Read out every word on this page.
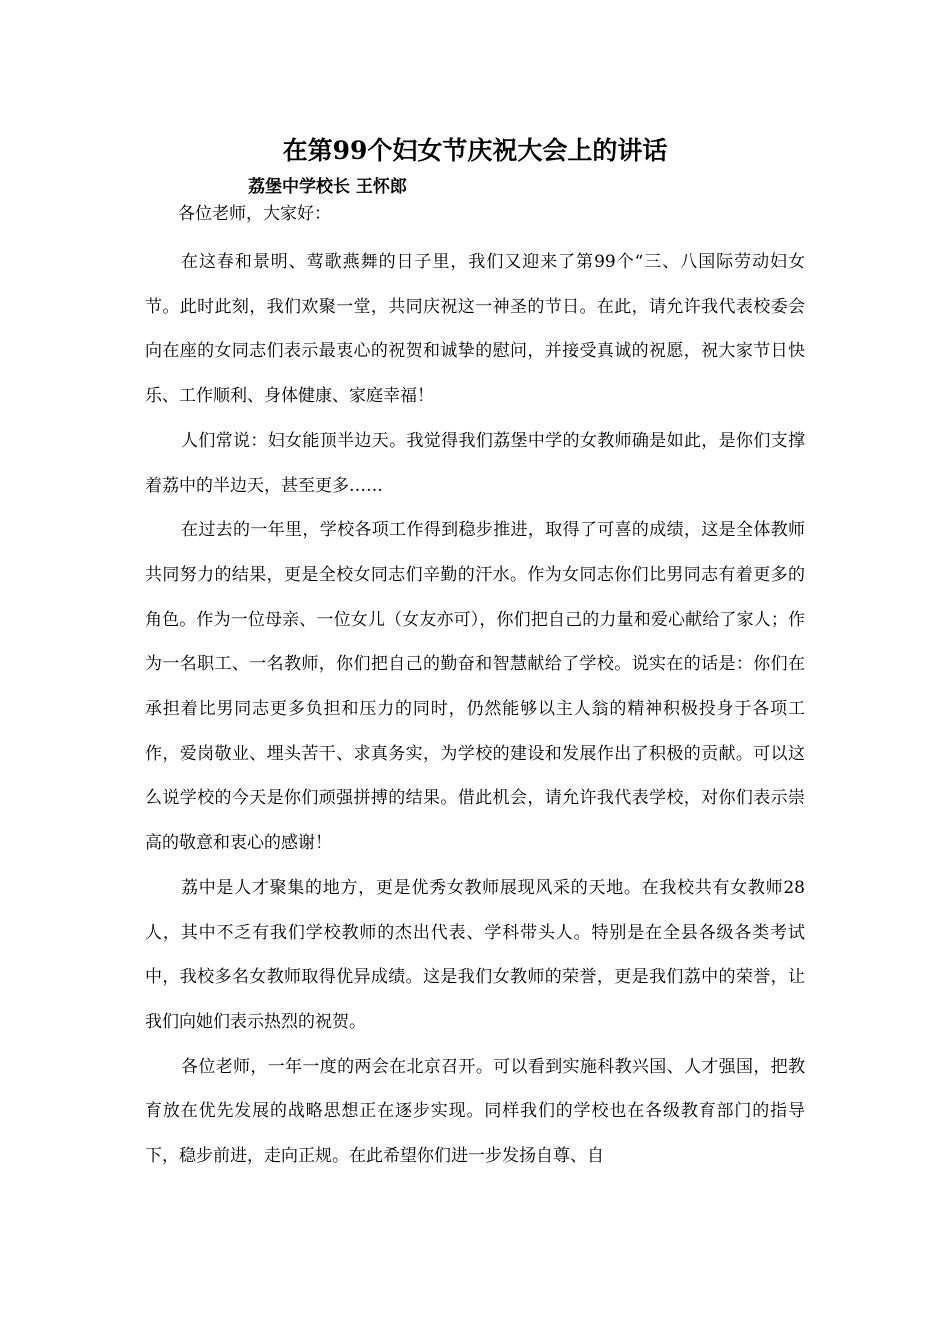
在第99个妇女节庆祝大会上的讲话
荔堡中学校长 王怀郎
各位老师，大家好：

在这春和景明、莺歌燕舞的日子里，我们又迎来了第99个“三、八国际劳动妇女节。此时此刻，我们欢聚一堂，共同庆祝这一神圣的节日。在此，请允许我代表校委会向在座的女同志们表示最衷心的祝贺和诚挚的慰问，并接受真诚的祝愿，祝大家节日快乐、工作顺利、身体健康、家庭幸福！

人们常说：妇女能顶半边天。我觉得我们荔堡中学的女教师确是如此，是你们支撑着荔中的半边天，甚至更多……

在过去的一年里，学校各项工作得到稳步推进，取得了可喜的成绩，这是全体教师共同努力的结果，更是全校女同志们辛勤的汗水。作为女同志你们比男同志有着更多的角色。作为一位母亲、一位女儿（女友亦可），你们把自己的力量和爱心献给了家人；作为一名职工、一名教师，你们把自己的勤奋和智慧献给了学校。说实在的话是：你们在承担着比男同志更多负担和压力的同时，仍然能够以主人翁的精神积极投身于各项工作，爱岗敬业、埋头苦干、求真务实，为学校的建设和发展作出了积极的贡献。可以这么说学校的今天是你们顽强拼搏的结果。借此机会，请允许我代表学校，对你们表示崇高的敬意和衷心的感谢！

荔中是人才聚集的地方，更是优秀女教师展现风采的天地。在我校共有女教师28人，其中不乏有我们学校教师的杰出代表、学科带头人。特别是在全县各级各类考试中，我校多名女教师取得优异成绩。这是我们女教师的荣誉，更是我们荔中的荣誉，让我们向她们表示热烈的祝贺。

各位老师，一年一度的两会在北京召开。可以看到实施科教兴国、人才强国，把教育放在优先发展的战略思想正在逐步实现。同样我们的学校也在各级教育部门的指导下，稳步前进，走向正规。在此希望你们进一步发扬自尊、自
